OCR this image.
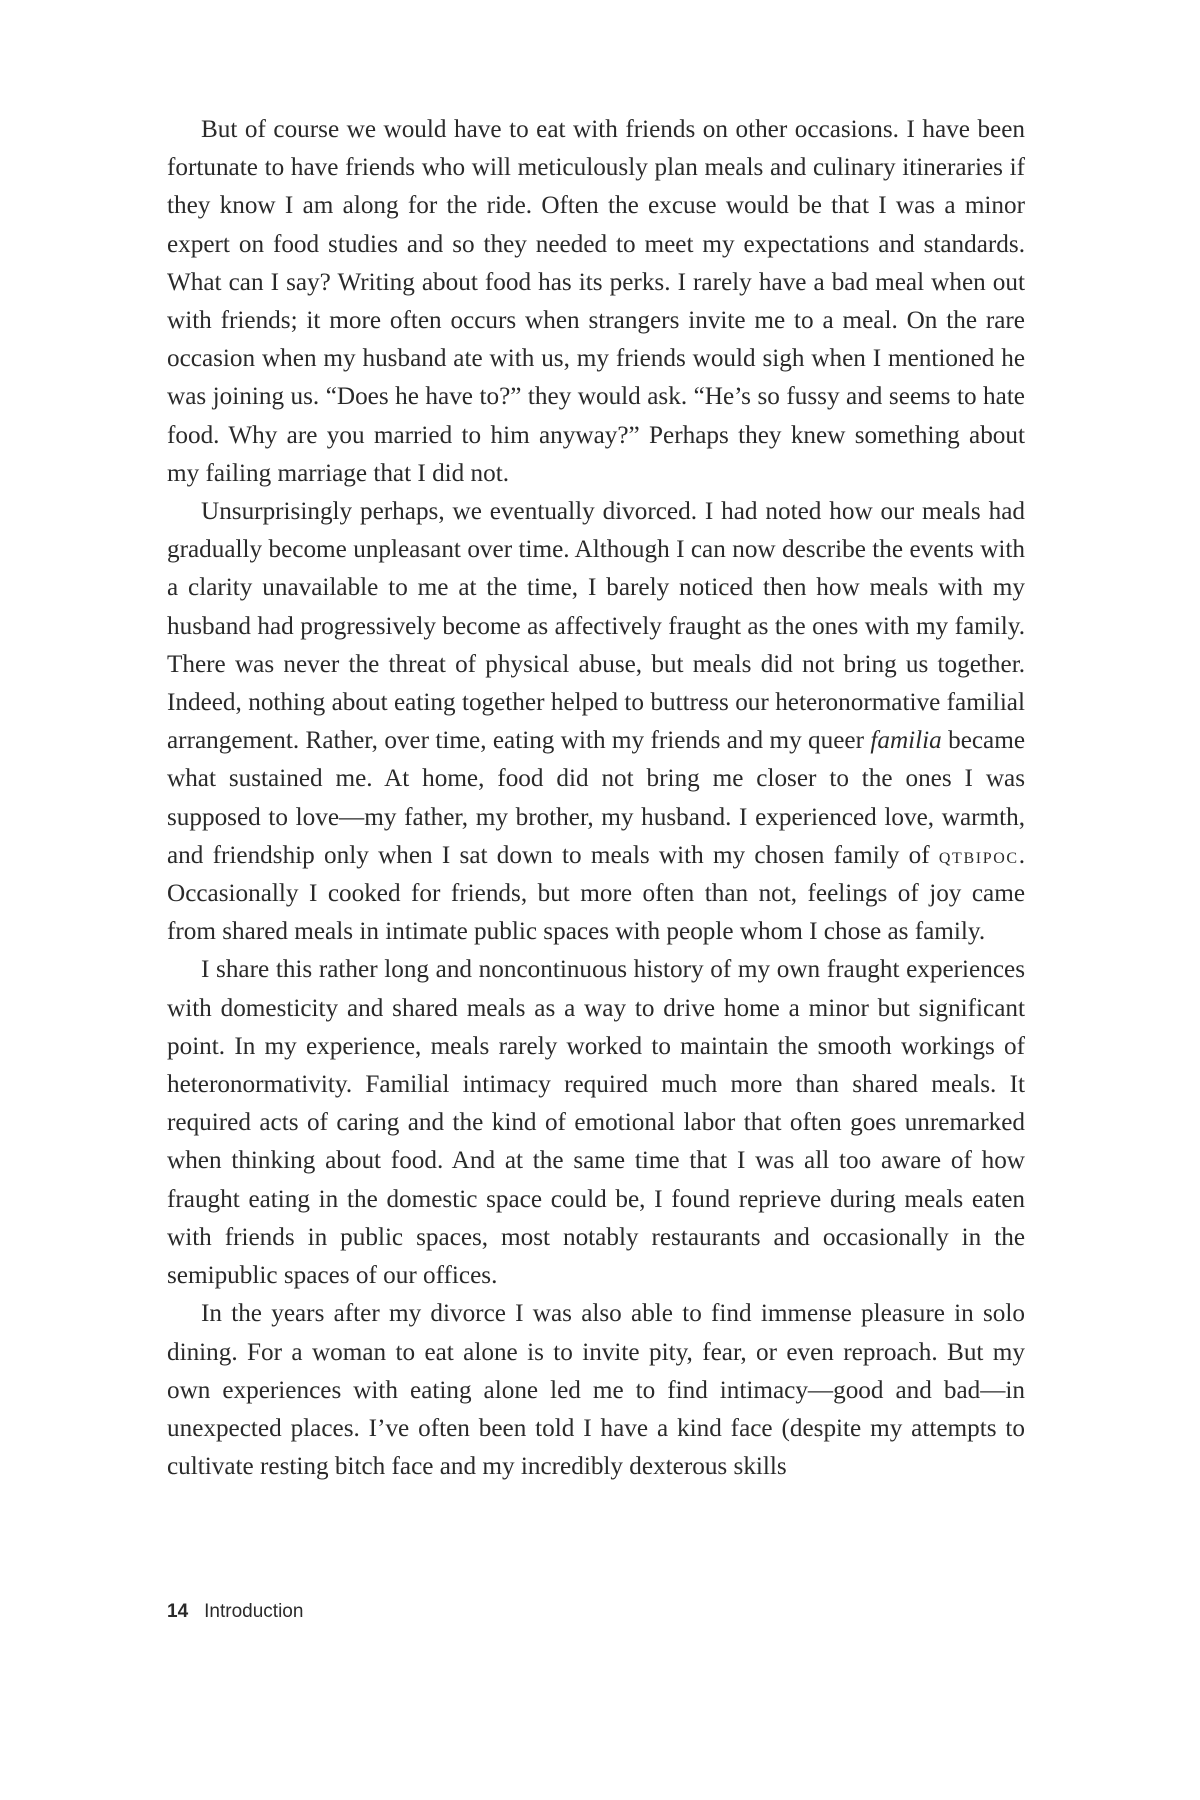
But of course we would have to eat with friends on other occasions. I have been fortunate to have friends who will meticulously plan meals and culinary itineraries if they know I am along for the ride. Often the excuse would be that I was a minor expert on food studies and so they needed to meet my expectations and standards. What can I say? Writing about food has its perks. I rarely have a bad meal when out with friends; it more often occurs when strangers invite me to a meal. On the rare occasion when my husband ate with us, my friends would sigh when I mentioned he was joining us. “Does he have to?” they would ask. “He’s so fussy and seems to hate food. Why are you married to him anyway?” Perhaps they knew something about my failing marriage that I did not.

Unsurprisingly perhaps, we eventually divorced. I had noted how our meals had gradually become unpleasant over time. Although I can now describe the events with a clarity unavailable to me at the time, I barely noticed then how meals with my husband had progressively become as affectively fraught as the ones with my family. There was never the threat of physical abuse, but meals did not bring us together. Indeed, nothing about eating together helped to buttress our heteronormative familial arrangement. Rather, over time, eating with my friends and my queer familia became what sustained me. At home, food did not bring me closer to the ones I was supposed to love—my father, my brother, my husband. I experienced love, warmth, and friendship only when I sat down to meals with my chosen family of qtbipoc. Occasionally I cooked for friends, but more often than not, feelings of joy came from shared meals in intimate public spaces with people whom I chose as family.

I share this rather long and noncontinuous history of my own fraught experiences with domesticity and shared meals as a way to drive home a minor but significant point. In my experience, meals rarely worked to maintain the smooth workings of heteronormativity. Familial intimacy required much more than shared meals. It required acts of caring and the kind of emotional labor that often goes unremarked when thinking about food. And at the same time that I was all too aware of how fraught eating in the domestic space could be, I found reprieve during meals eaten with friends in public spaces, most notably restaurants and occasionally in the semipublic spaces of our offices.

In the years after my divorce I was also able to find immense pleasure in solo dining. For a woman to eat alone is to invite pity, fear, or even reproach. But my own experiences with eating alone led me to find intimacy—good and bad—in unexpected places. I’ve often been told I have a kind face (despite my attempts to cultivate resting bitch face and my incredibly dexterous skills

14 Introduction
